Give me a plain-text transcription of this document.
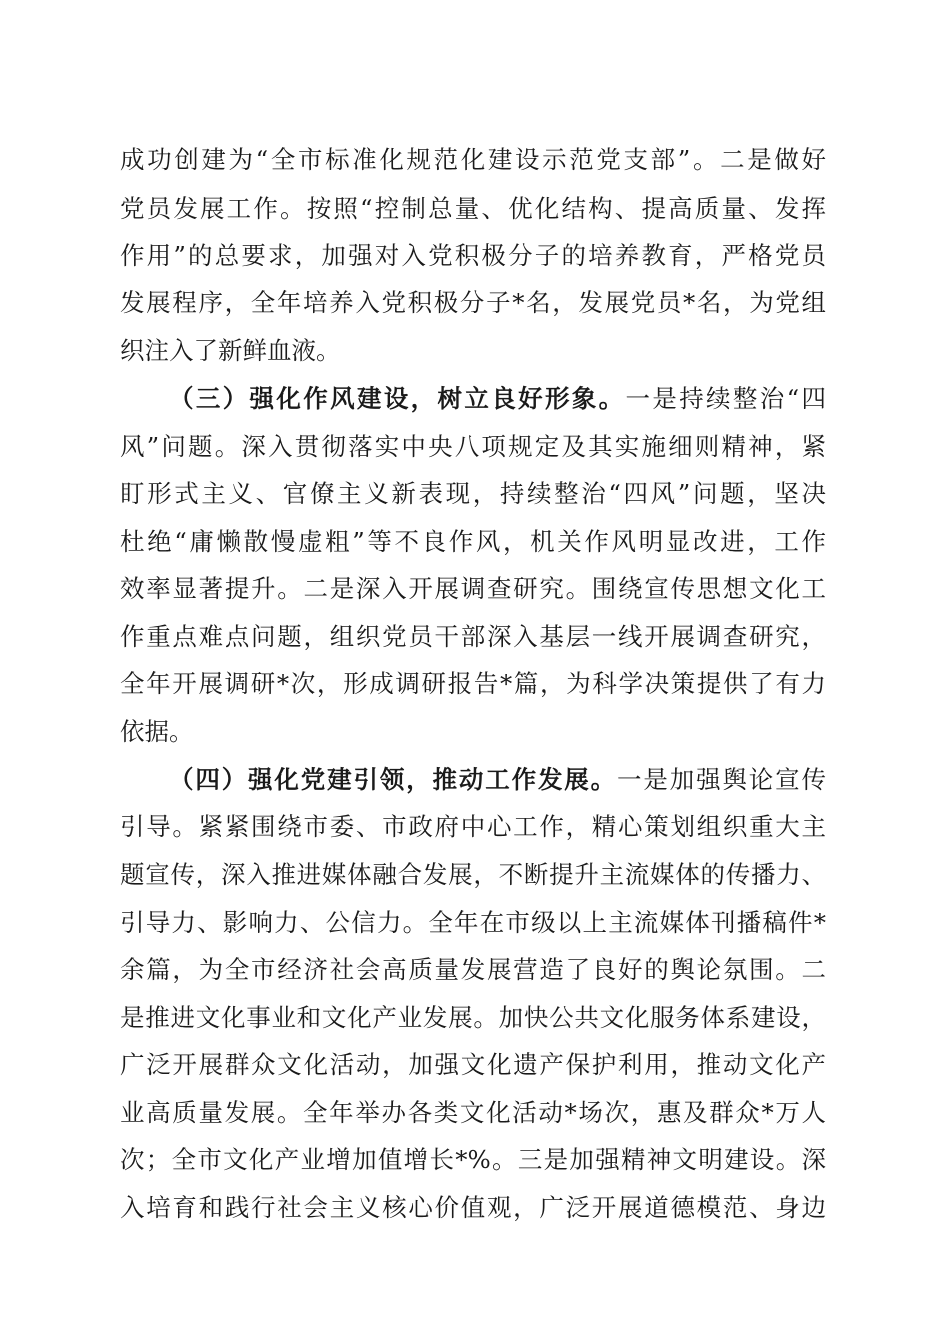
成功创建为“全市标准化规范化建设示范党支部”。二是做好
党员发展工作。按照“控制总量、优化结构、提高质量、发挥
作用”的总要求，加强对入党积极分子的培养教育，严格党员
发展程序，全年培养入党积极分子*名，发展党员*名，为党组
织注入了新鲜血液。
（三）强化作风建设，树立良好形象。一是持续整治“四
风”问题。深入贯彻落实中央八项规定及其实施细则精神，紧
盯形式主义、官僚主义新表现，持续整治“四风”问题，坚决
杜绝“庸懒散慢虚粗”等不良作风，机关作风明显改进，工作
效率显著提升。二是深入开展调查研究。围绕宣传思想文化工
作重点难点问题，组织党员干部深入基层一线开展调查研究，
全年开展调研*次，形成调研报告*篇，为科学决策提供了有力
依据。
（四）强化党建引领，推动工作发展。一是加强舆论宣传
引导。紧紧围绕市委、市政府中心工作，精心策划组织重大主
题宣传，深入推进媒体融合发展，不断提升主流媒体的传播力、
引导力、影响力、公信力。全年在市级以上主流媒体刊播稿件*
余篇，为全市经济社会高质量发展营造了良好的舆论氛围。二
是推进文化事业和文化产业发展。加快公共文化服务体系建设，
广泛开展群众文化活动，加强文化遗产保护利用，推动文化产
业高质量发展。全年举办各类文化活动*场次，惠及群众*万人
次；全市文化产业增加值增长*%。三是加强精神文明建设。深
入培育和践行社会主义核心价值观，广泛开展道德模范、身边
